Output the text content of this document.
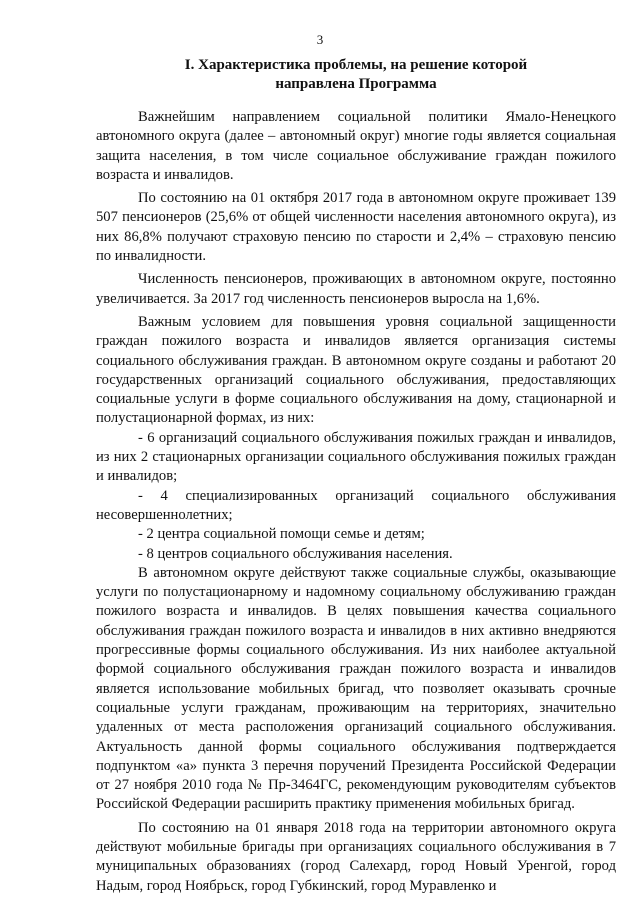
3
I. Характеристика проблемы, на решение которой
направлена Программа

Важнейшим направлением социальной политики Ямало-Ненецкого автономного округа (далее – автономный округ) многие годы является социальная защита населения, в том числе социальное обслуживание граждан пожилого возраста и инвалидов.

По состоянию на 01 октября 2017 года в автономном округе проживает 139 507 пенсионеров (25,6% от общей численности населения автономного округа), из них 86,8% получают страховую пенсию по старости и 2,4% – страховую пенсию по инвалидности.

Численность пенсионеров, проживающих в автономном округе, постоянно увеличивается. За 2017 год численность пенсионеров выросла на 1,6%.

Важным условием для повышения уровня социальной защищенности граждан пожилого возраста и инвалидов является организация системы социального обслуживания граждан. В автономном округе созданы и работают 20 государственных организаций социального обслуживания, предоставляющих социальные услуги в форме социального обслуживания на дому, стационарной и полустационарной формах, из них:

- 6 организаций социального обслуживания пожилых граждан и инвалидов, из них 2 стационарных организации социального обслуживания пожилых граждан и инвалидов;

- 4 специализированных организаций социального обслуживания несовершеннолетних;

- 2 центра социальной помощи семье и детям;

- 8 центров социального обслуживания населения.

В автономном округе действуют также социальные службы, оказывающие услуги по полустационарному и надомному социальному обслуживанию граждан пожилого возраста и инвалидов. В целях повышения качества социального обслуживания граждан пожилого возраста и инвалидов в них активно внедряются прогрессивные формы социального обслуживания. Из них наиболее актуальной формой социального обслуживания граждан пожилого возраста и инвалидов является использование мобильных бригад, что позволяет оказывать срочные социальные услуги гражданам, проживающим на территориях, значительно удаленных от места расположения организаций социального обслуживания. Актуальность данной формы социального обслуживания подтверждается подпунктом «а» пункта 3 перечня поручений Президента Российской Федерации от 27 ноября 2010 года № Пр-3464ГС, рекомендующим руководителям субъектов Российской Федерации расширить практику применения мобильных бригад.

По состоянию на 01 января 2018 года на территории автономного округа действуют мобильные бригады при организациях социального обслуживания в 7 муниципальных образованиях (город Салехард, город Новый Уренгой, город Надым, город Ноябрьск, город Губкинский, город Муравленко и
